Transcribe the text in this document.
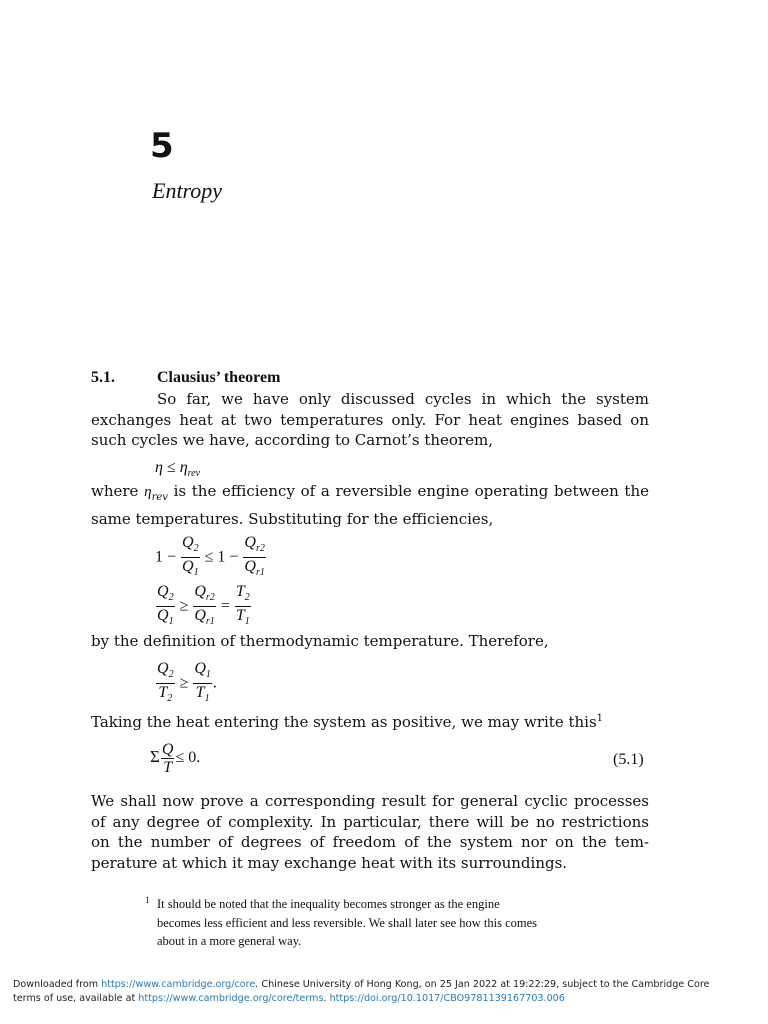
5
Entropy
5.1.	Clausius’ theorem
So far, we have only discussed cycles in which the system
exchanges heat at two temperatures only. For heat engines based on
such cycles we have, according to Carnot’s theorem,
$\eta \le \eta_{rev}$
where $\eta_{rev}$ is the efficiency of a reversible engine operating between the
same temperatures. Substituting for the efficiencies,
$1 - \frac{Q_2}{Q_1} \le 1 - \frac{Q_{r2}}{Q_{r1}}$
$\frac{Q_2}{Q_1} \ge \frac{Q_{r2}}{Q_{r1}} = \frac{T_2}{T_1}$
by the definition of thermodynamic temperature. Therefore,
$\frac{Q_2}{T_2} \ge \frac{Q_1}{T_1}$ .
Taking the heat entering the system as positive, we may write this$^1$
Σ $\frac{Q}{T} \le 0$.	(5.1)
We shall now prove a corresponding result for general cyclic processes
of any degree of complexity. In particular, there will be no restrictions
on the number of degrees of freedom of the system nor on the tem-
perature at which it may exchange heat with its surroundings.
1 It should be noted that the inequality becomes stronger as the engine
becomes less efficient and less reversible. We shall later see how this comes
about in a more general way.
Downloaded from https://www.cambridge.org/core. Chinese University of Hong Kong, on 25 Jan 2022 at 19:22:29, subject to the Cambridge Core
terms of use, available at https://www.cambridge.org/core/terms. https://doi.org/10.1017/CBO9781139167703.006
